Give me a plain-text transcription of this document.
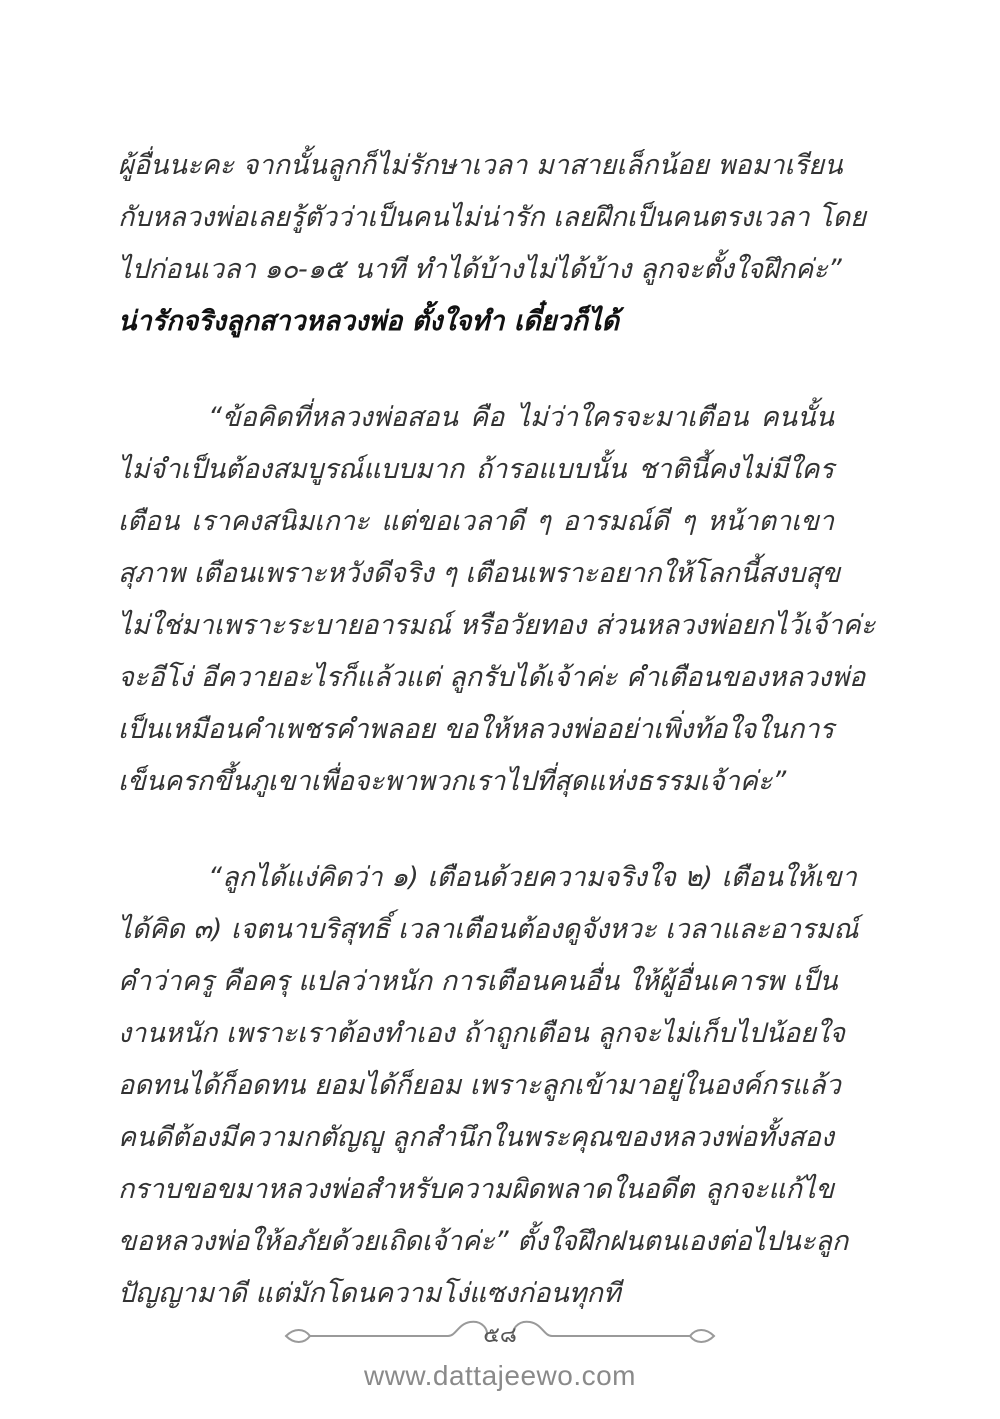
ผู้อื่นนะคะ จากนั้นลูกก็ไม่รักษาเวลา มาสายเล็กน้อย พอมาเรียน
กับหลวงพ่อเลยรู้ตัวว่าเป็นคนไม่น่ารัก เลยฝึกเป็นคนตรงเวลา โดย
ไปก่อนเวลา ๑๐-๑๕ นาที ทำได้บ้างไม่ได้บ้าง ลูกจะตั้งใจฝึกค่ะ”
น่ารักจริงลูกสาวหลวงพ่อ ตั้งใจทำ เดี๋ยวก็ได้

“ข้อคิดที่หลวงพ่อสอน คือ ไม่ว่าใครจะมาเตือน คนนั้น
ไม่จำเป็นต้องสมบูรณ์แบบมาก ถ้ารอแบบนั้น ชาตินี้คงไม่มีใคร
เตือน เราคงสนิมเกาะ แต่ขอเวลาดี ๆ อารมณ์ดี ๆ หน้าตาเขา
สุภาพ เตือนเพราะหวังดีจริง ๆ เตือนเพราะอยากให้โลกนี้สงบสุข
ไม่ใช่มาเพราะระบายอารมณ์ หรือวัยทอง ส่วนหลวงพ่อยกไว้เจ้าค่ะ
จะอีโง่ อีควายอะไรก็แล้วแต่ ลูกรับได้เจ้าค่ะ คำเตือนของหลวงพ่อ
เป็นเหมือนคำเพชรคำพลอย ขอให้หลวงพ่ออย่าเพิ่งท้อใจในการ
เข็นครกขึ้นภูเขาเพื่อจะพาพวกเราไปที่สุดแห่งธรรมเจ้าค่ะ”

“ลูกได้แง่คิดว่า ๑) เตือนด้วยความจริงใจ ๒) เตือนให้เขา
ได้คิด ๓) เจตนาบริสุทธิ์ เวลาเตือนต้องดูจังหวะ เวลาและอารมณ์
คำว่าครู คือครุ แปลว่าหนัก การเตือนคนอื่น ให้ผู้อื่นเคารพ เป็น
งานหนัก เพราะเราต้องทำเอง ถ้าถูกเตือน ลูกจะไม่เก็บไปน้อยใจ
อดทนได้ก็อดทน ยอมได้ก็ยอม เพราะลูกเข้ามาอยู่ในองค์กรแล้ว
คนดีต้องมีความกตัญญู ลูกสำนึกในพระคุณของหลวงพ่อทั้งสอง
กราบขอขมาหลวงพ่อสำหรับความผิดพลาดในอดีต ลูกจะแก้ไข
ขอหลวงพ่อให้อภัยด้วยเถิดเจ้าค่ะ” ตั้งใจฝึกฝนตนเองต่อไปนะลูก
ปัญญามาดี แต่มักโดนความโง่แซงก่อนทุกที

๕๘
www.dattajeewo.com
